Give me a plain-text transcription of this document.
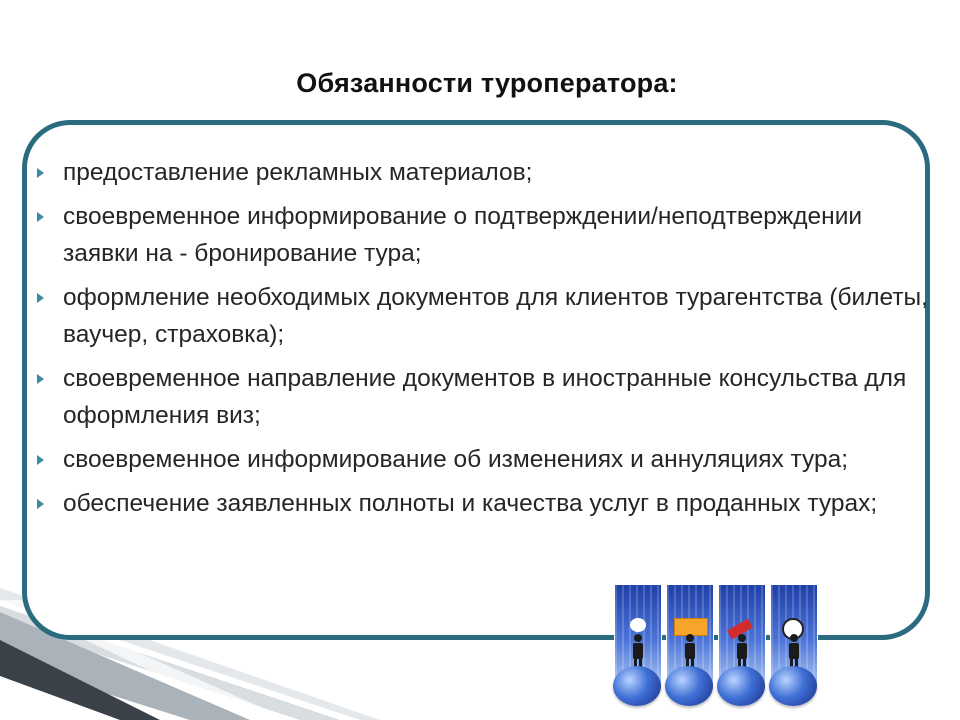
Обязанности туроператора:
предоставление рекламных материалов;
своевременное информирование о подтверждении/неподтверждении заявки на - бронирование тура;
оформление необходимых документов для клиентов турагентства (билеты, ваучер, страховка);
своевременное направление документов в иностранные консульства для оформления виз;
своевременное информирование об изменениях и аннуляциях тура;
обеспечение заявленных полноты и качества услуг в проданных турах;
